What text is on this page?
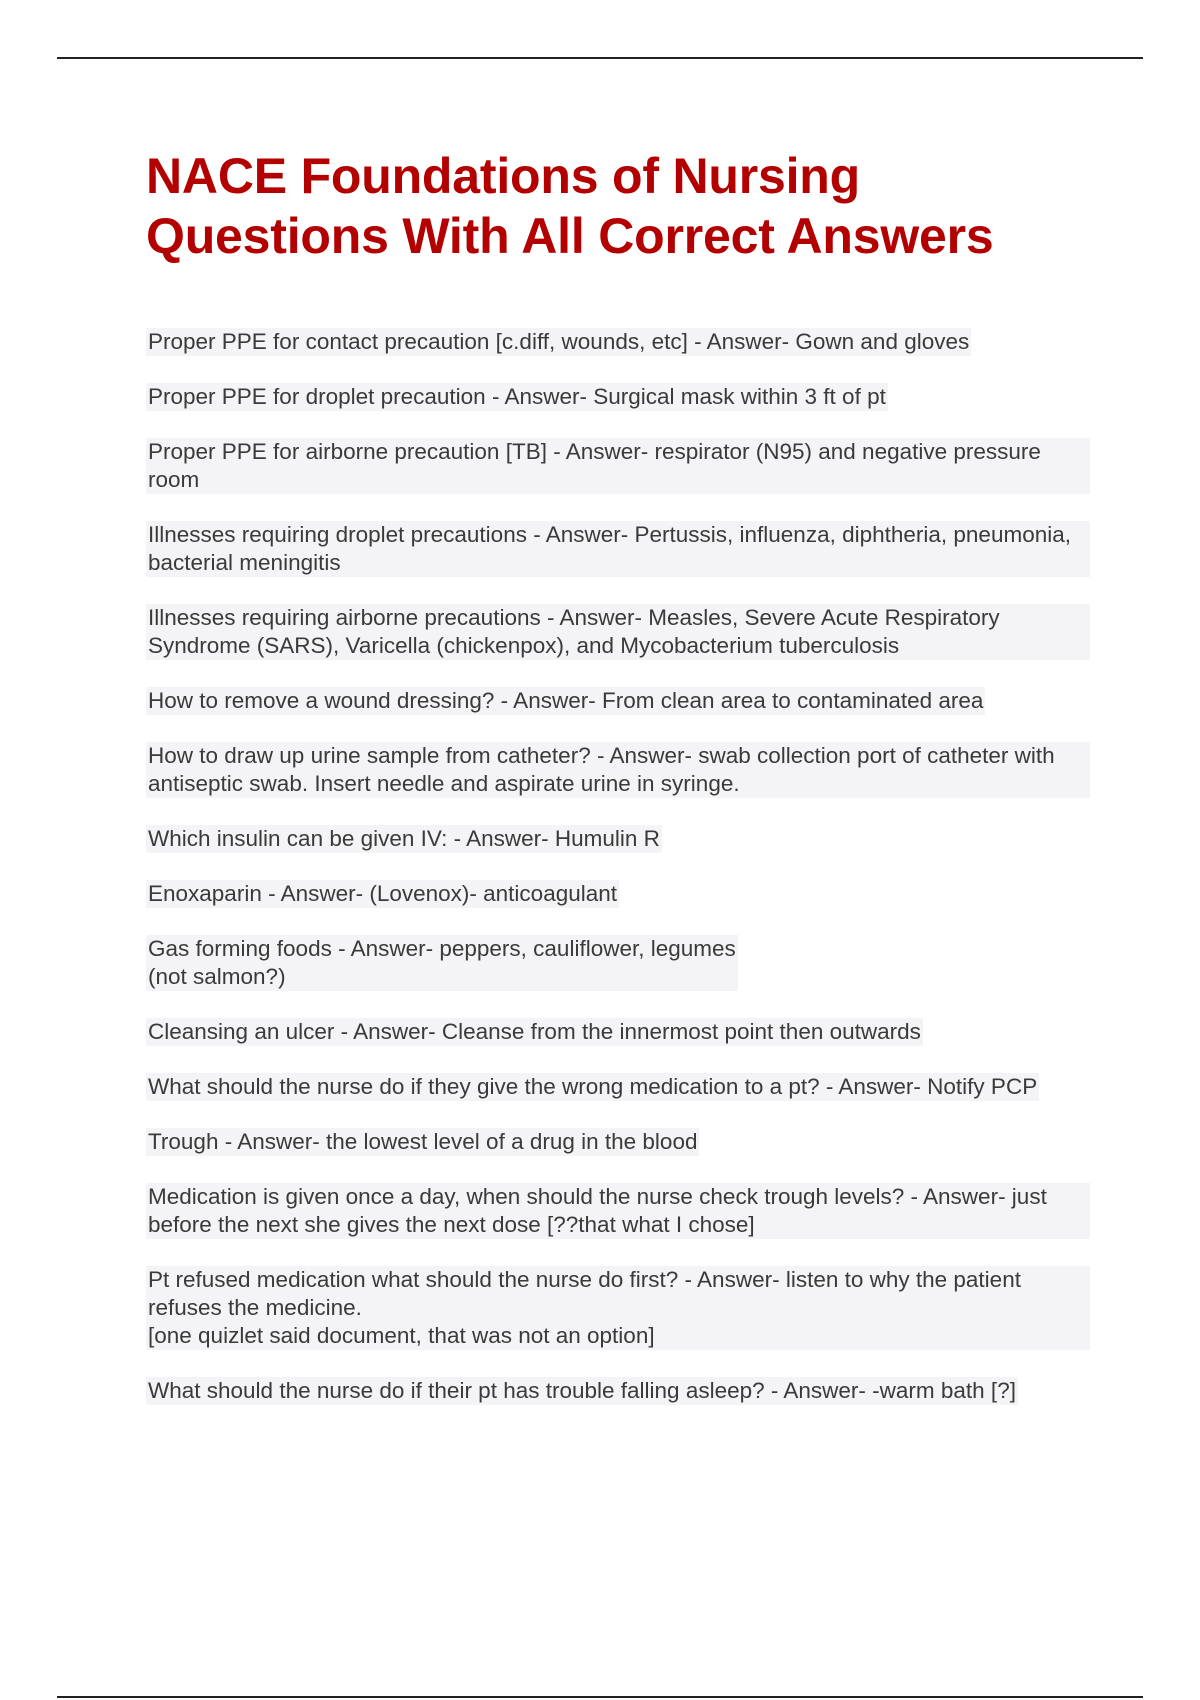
NACE Foundations of Nursing Questions With All Correct Answers
Proper PPE for contact precaution [c.diff, wounds, etc] - Answer- Gown and gloves
Proper PPE for droplet precaution - Answer- Surgical mask within 3 ft of pt
Proper PPE for airborne precaution [TB] - Answer- respirator (N95) and negative pressure room
Illnesses requiring droplet precautions - Answer- Pertussis, influenza, diphtheria, pneumonia, bacterial meningitis
Illnesses requiring airborne precautions - Answer- Measles, Severe Acute Respiratory Syndrome (SARS), Varicella (chickenpox), and Mycobacterium tuberculosis
How to remove a wound dressing? - Answer- From clean area to contaminated area
How to draw up urine sample from catheter? - Answer- swab collection port of catheter with antiseptic swab. Insert needle and aspirate urine in syringe.
Which insulin can be given IV: - Answer- Humulin R
Enoxaparin - Answer- (Lovenox)- anticoagulant
Gas forming foods - Answer- peppers, cauliflower, legumes
(not salmon?)
Cleansing an ulcer - Answer- Cleanse from the innermost point then outwards
What should the nurse do if they give the wrong medication to a pt? - Answer- Notify PCP
Trough - Answer- the lowest level of a drug in the blood
Medication is given once a day, when should the nurse check trough levels? - Answer- just before the next she gives the next dose [??that what I chose]
Pt refused medication what should the nurse do first? - Answer- listen to why the patient refuses the medicine.
[one quizlet said document, that was not an option]
What should the nurse do if their pt has trouble falling asleep? - Answer- -warm bath [?]
